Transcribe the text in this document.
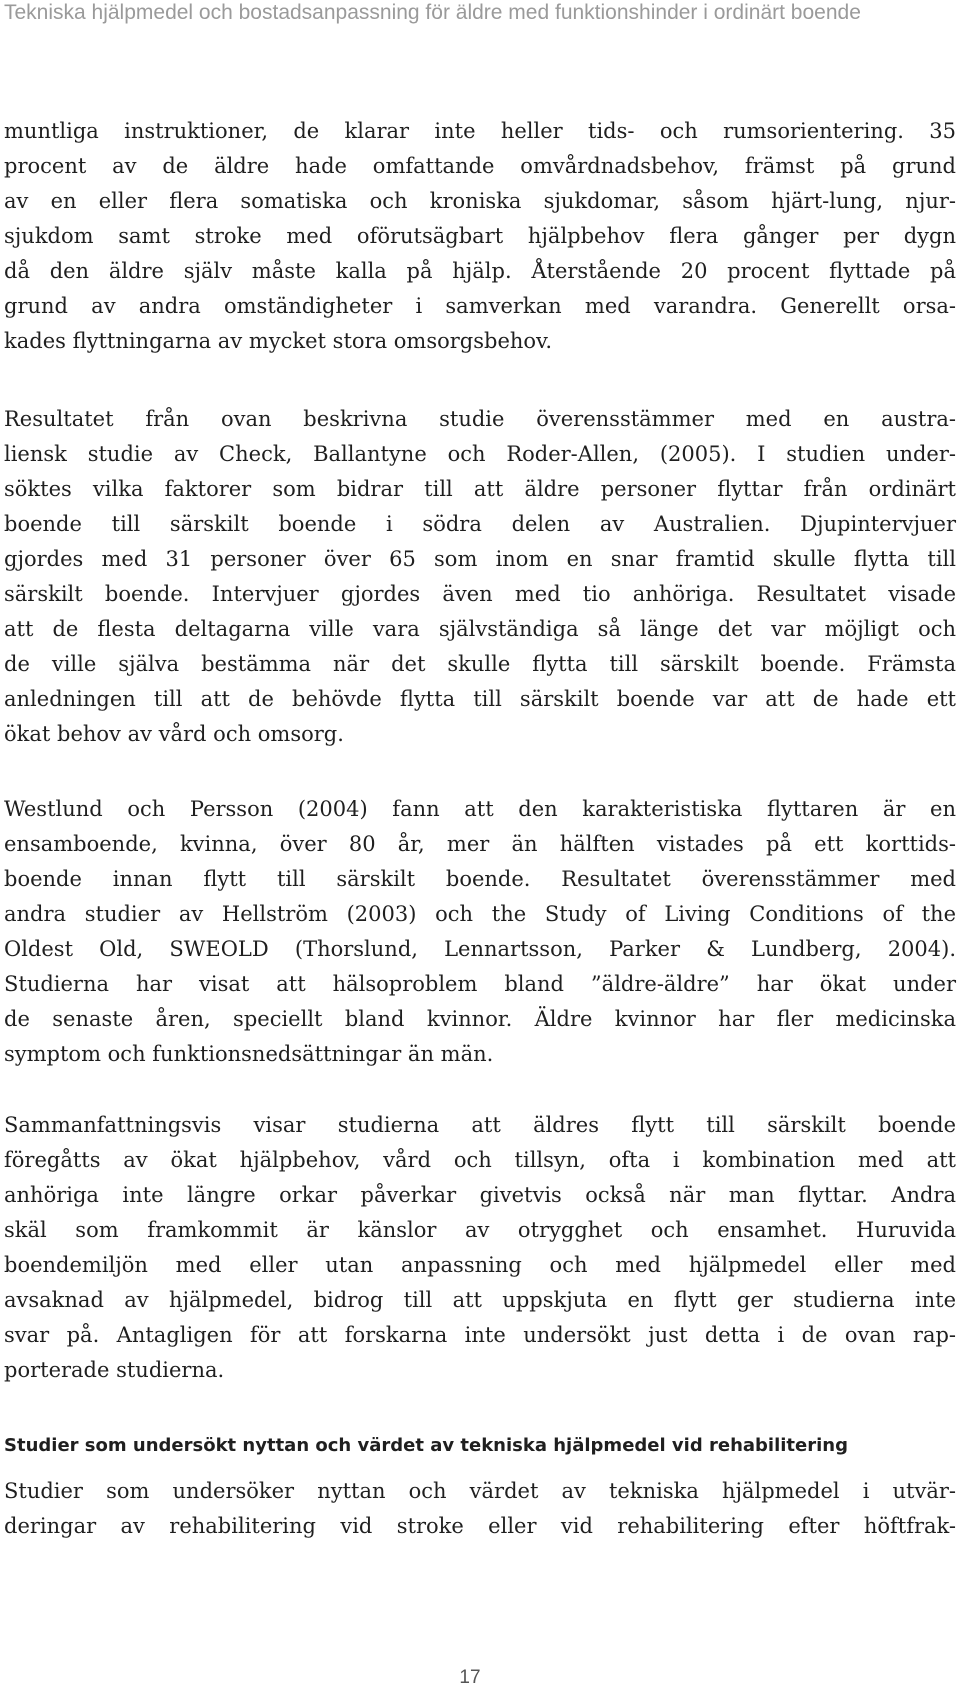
Tekniska hjälpmedel och bostadsanpassning för äldre med funktionshinder i ordinärt boende
muntliga instruktioner, de klarar inte heller tids- och rumsorientering. 35
procent av de äldre hade omfattande omvårdnadsbehov, främst på grund
av en eller flera somatiska och kroniska sjukdomar, såsom hjärt-lung, njur-
sjukdom samt stroke med oförutsägbart hjälpbehov flera gånger per dygn
då den äldre själv måste kalla på hjälp. Återstående 20 procent flyttade på
grund av andra omständigheter i samverkan med varandra. Generellt orsa-
kades flyttningarna av mycket stora omsorgsbehov.
Resultatet från ovan beskrivna studie överensstämmer med en austra-
liensk studie av Check, Ballantyne och Roder-Allen, (2005). I studien under-
söktes vilka faktorer som bidrar till att äldre personer flyttar från ordinärt
boende till särskilt boende i södra delen av Australien. Djupintervjuer
gjordes med 31 personer över 65 som inom en snar framtid skulle flytta till
särskilt boende. Intervjuer gjordes även med tio anhöriga. Resultatet visade
att de flesta deltagarna ville vara självständiga så länge det var möjligt och
de ville själva bestämma när det skulle flytta till särskilt boende. Främsta
anledningen till att de behövde flytta till särskilt boende var att de hade ett
ökat behov av vård och omsorg.
Westlund och Persson (2004) fann att den karakteristiska flyttaren är en
ensamboende, kvinna, över 80 år, mer än hälften vistades på ett korttids-
boende innan flytt till särskilt boende. Resultatet överensstämmer med
andra studier av Hellström (2003) och the Study of Living Conditions of the
Oldest Old, SWEOLD (Thorslund, Lennartsson, Parker & Lundberg, 2004).
Studierna har visat att hälsoproblem bland ”äldre-äldre” har ökat under
de senaste åren, speciellt bland kvinnor. Äldre kvinnor har fler medicinska
symptom och funktionsnedsättningar än män.
Sammanfattningsvis visar studierna att äldres flytt till särskilt boende
föregåtts av ökat hjälpbehov, vård och tillsyn, ofta i kombination med att
anhöriga inte längre orkar påverkar givetvis också när man flyttar. Andra
skäl som framkommit är känslor av otrygghet och ensamhet. Huruvida
boendemiljön med eller utan anpassning och med hjälpmedel eller med
avsaknad av hjälpmedel, bidrog till att uppskjuta en flytt ger studierna inte
svar på. Antagligen för att forskarna inte undersökt just detta i de ovan rap-
porterade studierna.
Studier som undersökt nyttan och värdet av tekniska hjälpmedel vid rehabilitering
Studier som undersöker nyttan och värdet av tekniska hjälpmedel i utvär-
deringar av rehabilitering vid stroke eller vid rehabilitering efter höftfrak-
17
